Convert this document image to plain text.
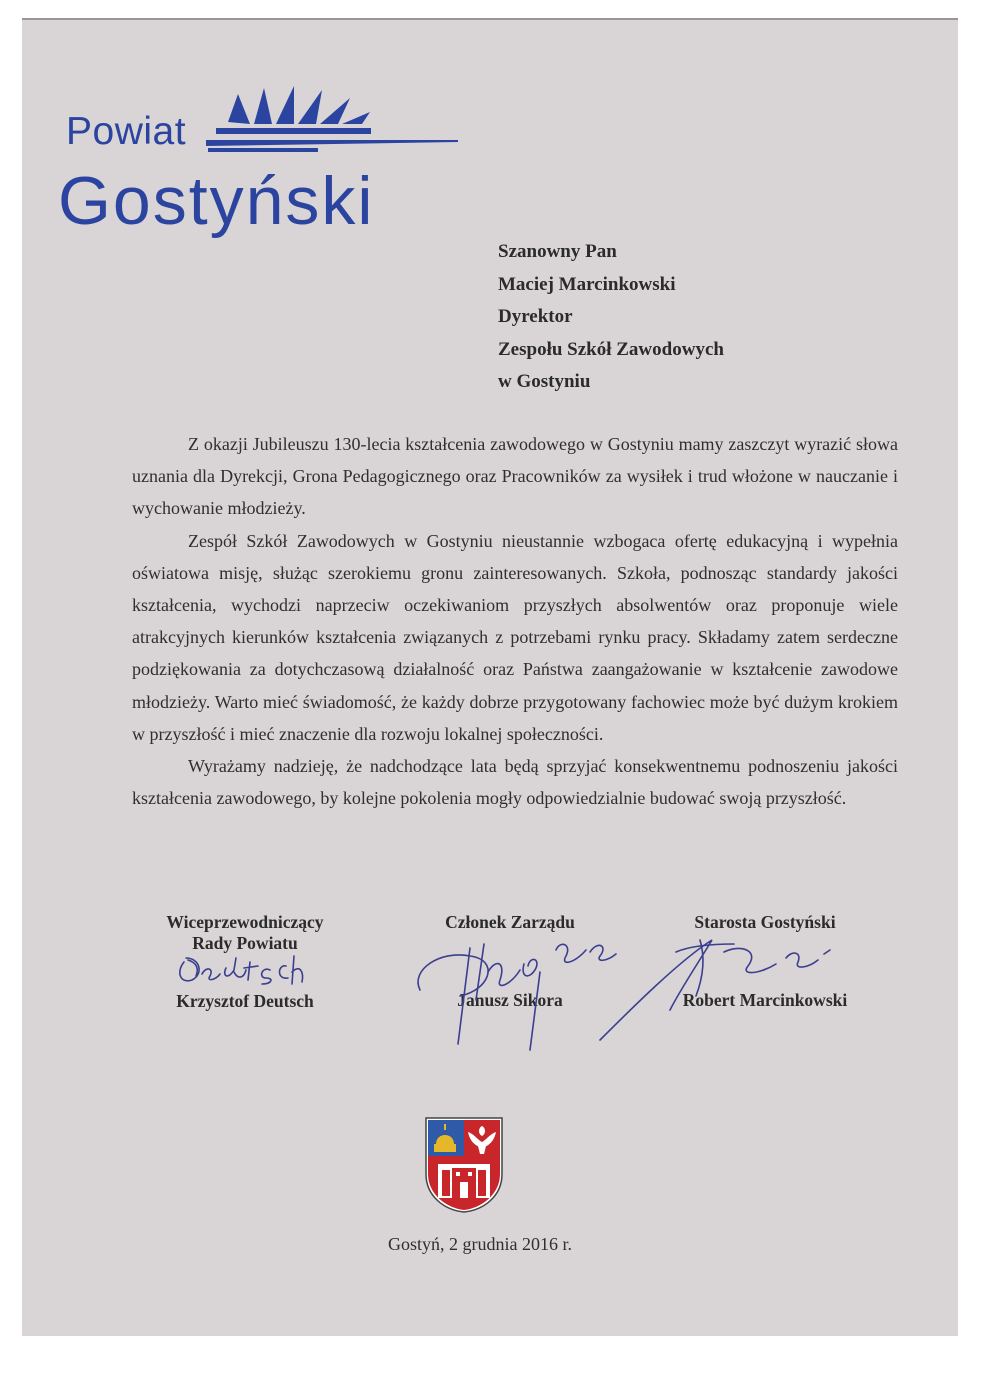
Powiat
Gostyński
Szanowny Pan
Maciej Marcinkowski
Dyrektor
Zespołu Szkół Zawodowych
w Gostyniu

Z okazji Jubileuszu 130-lecia kształcenia zawodowego w Gostyniu mamy zaszczyt wyrazić słowa uznania dla Dyrekcji, Grona Pedagogicznego oraz Pracowników za wysiłek i trud włożone w nauczanie i wychowanie młodzieży.

Zespół Szkół Zawodowych w Gostyniu nieustannie wzbogaca ofertę edukacyjną i wypełnia oświatowa misję, służąc szerokiemu gronu zainteresowanych. Szkoła, podnosząc standardy jakości kształcenia, wychodzi naprzeciw oczekiwaniom przyszłych absolwentów oraz proponuje wiele atrakcyjnych kierunków kształcenia związanych z potrzebami rynku pracy. Składamy zatem serdeczne podziękowania za dotychczasową działalność oraz Państwa zaangażowanie w kształcenie zawodowe młodzieży. Warto mieć świadomość, że każdy dobrze przygotowany fachowiec może być dużym krokiem w przyszłość i mieć znaczenie dla rozwoju lokalnej społeczności.

Wyrażamy nadzieję, że nadchodzące lata będą sprzyjać konsekwentnemu podnoszeniu jakości kształcenia zawodowego, by kolejne pokolenia mogły odpowiedzialnie budować swoją przyszłość.

Wiceprzewodniczący
Rady Powiatu
Krzysztof Deutsch
Członek Zarządu
Janusz Sikora
Starosta Gostyński
Robert Marcinkowski
Gostyń, 2 grudnia 2016 r.
